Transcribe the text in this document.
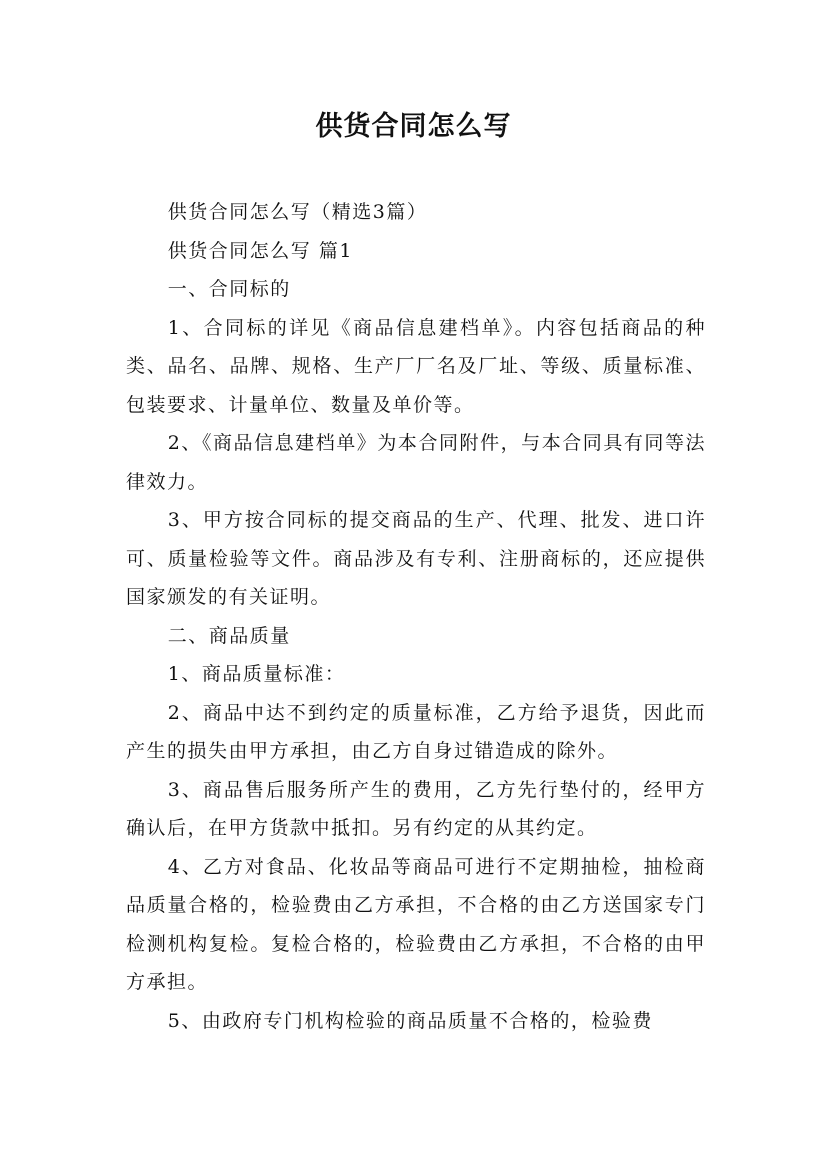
供货合同怎么写

供货合同怎么写（精选3篇）

供货合同怎么写 篇1

一、合同标的

1、合同标的详见《商品信息建档单》。内容包括商品的种类、品名、品牌、规格、生产厂厂名及厂址、等级、质量标准、包装要求、计量单位、数量及单价等。

2、《商品信息建档单》为本合同附件，与本合同具有同等法律效力。

3、甲方按合同标的提交商品的生产、代理、批发、进口许可、质量检验等文件。商品涉及有专利、注册商标的，还应提供国家颁发的有关证明。

二、商品质量

1、商品质量标准：

2、商品中达不到约定的质量标准，乙方给予退货，因此而产生的损失由甲方承担，由乙方自身过错造成的除外。

3、商品售后服务所产生的费用，乙方先行垫付的，经甲方确认后，在甲方货款中抵扣。另有约定的从其约定。

4、乙方对食品、化妆品等商品可进行不定期抽检，抽检商品质量合格的，检验费由乙方承担，不合格的由乙方送国家专门检测机构复检。复检合格的，检验费由乙方承担，不合格的由甲方承担。

5、由政府专门机构检验的商品质量不合格的，检验费
